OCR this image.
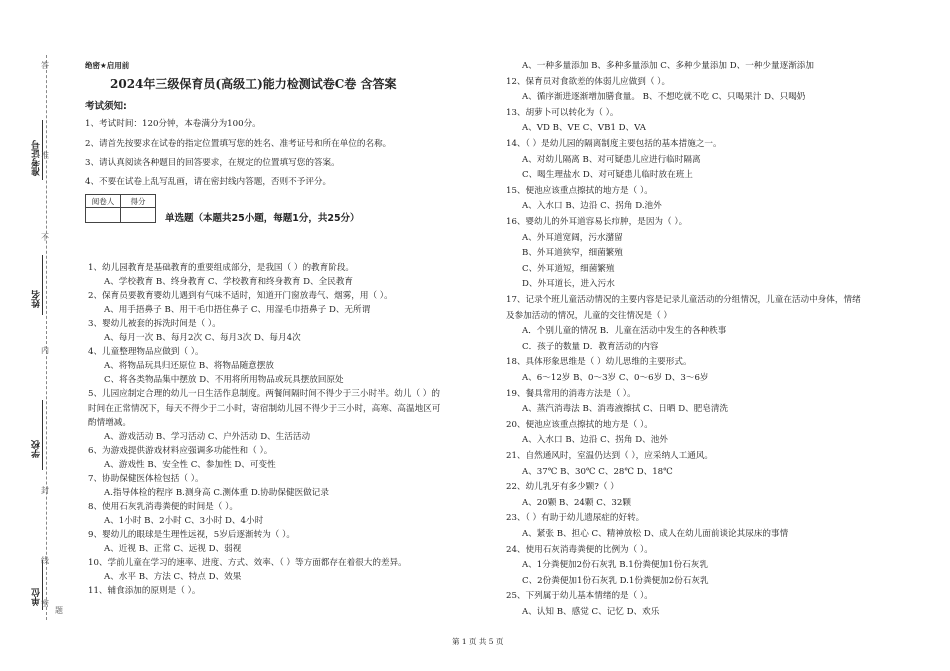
准考证号
姓名
学校
单位 密
封
线
内
不
准
答
题
绝密★启用前
2024年三级保育员(高级工)能力检测试卷C卷 含答案
考试须知:
1、考试时间：120分钟，本卷满分为100分。
2、请首先按要求在试卷的指定位置填写您的姓名、准考证号和所在单位的名称。
3、请认真阅读各种题目的回答要求，在规定的位置填写您的答案。
4、不要在试卷上乱写乱画，请在密封线内答题，否则不予评分。
阅卷人	得分

单选题（本题共25小题，每题1分，共25分）
1、幼儿园教育是基础教育的重要组成部分，是我国（ ）的教育阶段。
A、学校教育 B、终身教育 C、学校教育和终身教育 D、全民教育
2、保育员要教育婴幼儿遇到有气味不适时，知道开门窗放毒气、烟雾，用（ ）。
A、用手捂鼻子 B、用干毛巾捂住鼻子 C、用湿毛巾捂鼻子 D、无所谓
3、婴幼儿被套的拆洗时间是（ ）。
A、每月一次 B、每月2次 C、每月3次 D、每月4次
4、儿童整理物品应做到（ ）。
A、将物品玩具归还原位 B、将物品随意摆放
C、将各类物品集中摆放 D、不用将所用物品或玩具摆放回原处
5、儿园应制定合理的幼儿一日生活作息制度。两餐间隔时间不得少于三小时半。幼儿（ ）的
时间在正常情况下，每天不得少于二小时，寄宿制幼儿园不得少于三小时，高寒、高温地区可
酌情增减。
A、游戏活动 B、学习活动 C、户外活动 D、生活活动
6、为游戏提供游戏材料应强调多功能性和（ ）。
A、游戏性 B、安全性 C、参加性 D、可变性
7、协助保健医体检包括（ ）。
A.指导体检的程序 B.测身高 C.测体重 D.协助保健医做记录
8、使用石灰乳消毒粪便的时间是（ ）。
A、1小时 B、2小时 C、3小时 D、4小时
9、婴幼儿的眼球是生理性远视，5岁后逐渐转为（ ）。
A、近视 B、正常 C、远视 D、弱视
10、学前儿童在学习的速率、进度、方式、效率、（ ）等方面都存在着很大的差异。
A、水平 B、方法 C、特点 D、效果
11、辅食添加的原则是（ ）。
A、一种多量添加 B、多种多量添加 C、多种少量添加 D、一种少量逐渐添加
12、保育员对食欲差的体弱儿应做到（ ）。
A、循序渐进逐渐增加膳食量。 B、不想吃就不吃 C、只喝果汁 D、只喝奶
13、胡萝卜可以转化为（ ）。
A、VD B、VE C、VB1 D、VA
14、（ ）是幼儿园的隔离制度主要包括的基本措施之一。
A、对幼儿隔离 B、对可疑患儿应进行临时隔离
C、喝生理盐水 D、对可疑患儿临时放在班上
15、便池应该重点擦拭的地方是（ ）。
A、入水口 B、边沿 C、拐角 D.池外
16、婴幼儿的外耳道容易长疖肿，是因为（ ）。
A、外耳道宽阔，污水潴留
B、外耳道狭窄，细菌繁殖
C、外耳道短，细菌繁殖
D、外耳道长，进入污水
17、记录个班儿童活动情况的主要内容是记录儿童活动的分组情况，儿童在活动中身体，情绪
及参加活动的情况，儿童的交往情况是（ ）
A．个别儿童的情况 B．儿童在活动中发生的各种秩事
C．孩子的数量 D．教育活动的内容
18、具体形象思维是（ ）幼儿思维的主要形式。
A、6～12岁 B、0～3岁 C、0～6岁 D、3～6岁
19、餐具常用的消毒方法是（ ）。
A、蒸汽消毒法 B、消毒液擦拭 C、日晒 D、肥皂清洗
20、便池应该重点擦拭的地方是（ ）。
A、入水口 B、边沿 C、拐角 D、池外
21、自然通风时，室温仍达到（ ），应采纳人工通风。
A、37℃ B、30℃ C、28℃ D、18℃
22、幼儿乳牙有多少颗?（ ）
A、20颗 B、24颗 C、32颗
23、（ ）有助于幼儿遗尿症的好转。
A、紧张 B、担心 C、精神放松 D、成人在幼儿面前谈论其尿床的事情
24、使用石灰消毒粪便的比例为（ ）。
A、1分粪便加2份石灰乳 B.1份粪便加1份石灰乳
C、2份粪便加1份石灰乳 D.1份粪便加2份石灰乳
25、下列属于幼儿基本情绪的是（ ）。
A、认知 B、感觉 C、记忆 D、欢乐
第 1 页 共 5 页
